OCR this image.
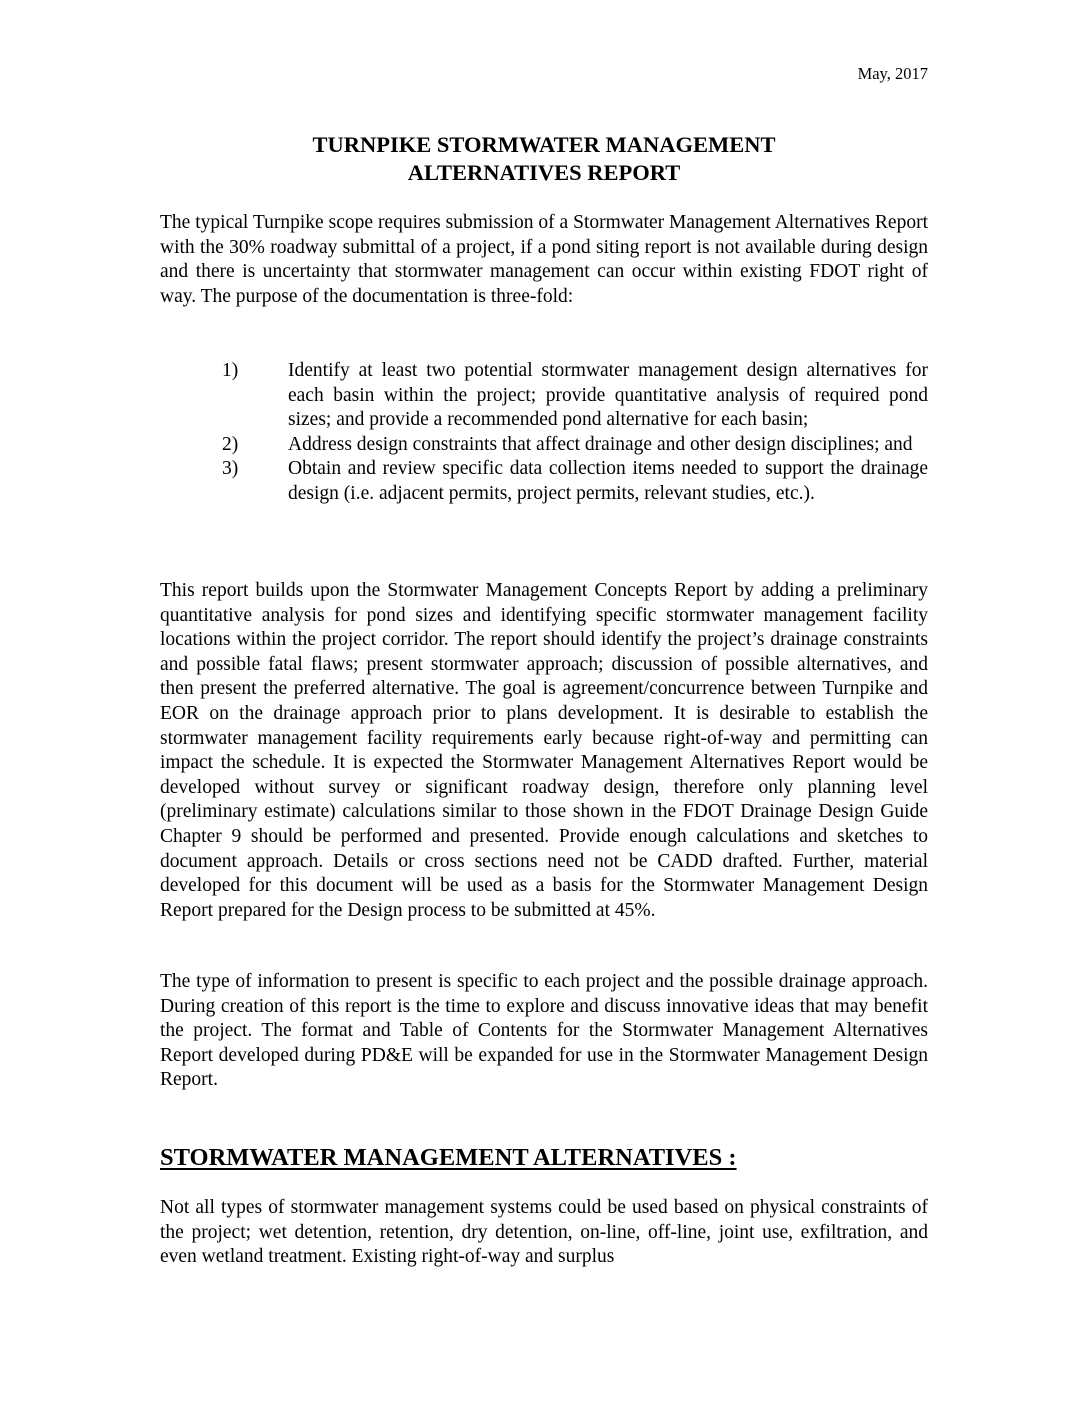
May, 2017
TURNPIKE STORMWATER MANAGEMENT
ALTERNATIVES REPORT

The typical Turnpike scope requires submission of a Stormwater Management Alternatives Report with the 30% roadway submittal of a project, if a pond siting report is not available during design and there is uncertainty that stormwater management can occur within existing FDOT right of way. The purpose of the documentation is three-fold:

1)	Identify at least two potential stormwater management design alternatives for each basin within the project; provide quantitative analysis of required pond sizes; and provide a recommended pond alternative for each basin;
2)	Address design constraints that affect drainage and other design disciplines; and
3)	Obtain and review specific data collection items needed to support the drainage design (i.e. adjacent permits, project permits, relevant studies, etc.).

This report builds upon the Stormwater Management Concepts Report by adding a preliminary quantitative analysis for pond sizes and identifying specific stormwater management facility locations within the project corridor. The report should identify the project’s drainage constraints and possible fatal flaws; present stormwater approach; discussion of possible alternatives, and then present the preferred alternative. The goal is agreement/concurrence between Turnpike and EOR on the drainage approach prior to plans development. It is desirable to establish the stormwater management facility requirements early because right-of-way and permitting can impact the schedule. It is expected the Stormwater Management Alternatives Report would be developed without survey or significant roadway design, therefore only planning level (preliminary estimate) calculations similar to those shown in the FDOT Drainage Design Guide Chapter 9 should be performed and presented. Provide enough calculations and sketches to document approach. Details or cross sections need not be CADD drafted. Further, material developed for this document will be used as a basis for the Stormwater Management Design Report prepared for the Design process to be submitted at 45%.

The type of information to present is specific to each project and the possible drainage approach. During creation of this report is the time to explore and discuss innovative ideas that may benefit the project. The format and Table of Contents for the Stormwater Management Alternatives Report developed during PD&E will be expanded for use in the Stormwater Management Design Report.

STORMWATER MANAGEMENT ALTERNATIVES :

Not all types of stormwater management systems could be used based on physical constraints of the project; wet detention, retention, dry detention, on-line, off-line, joint use, exfiltration, and even wetland treatment. Existing right-of-way and surplus
